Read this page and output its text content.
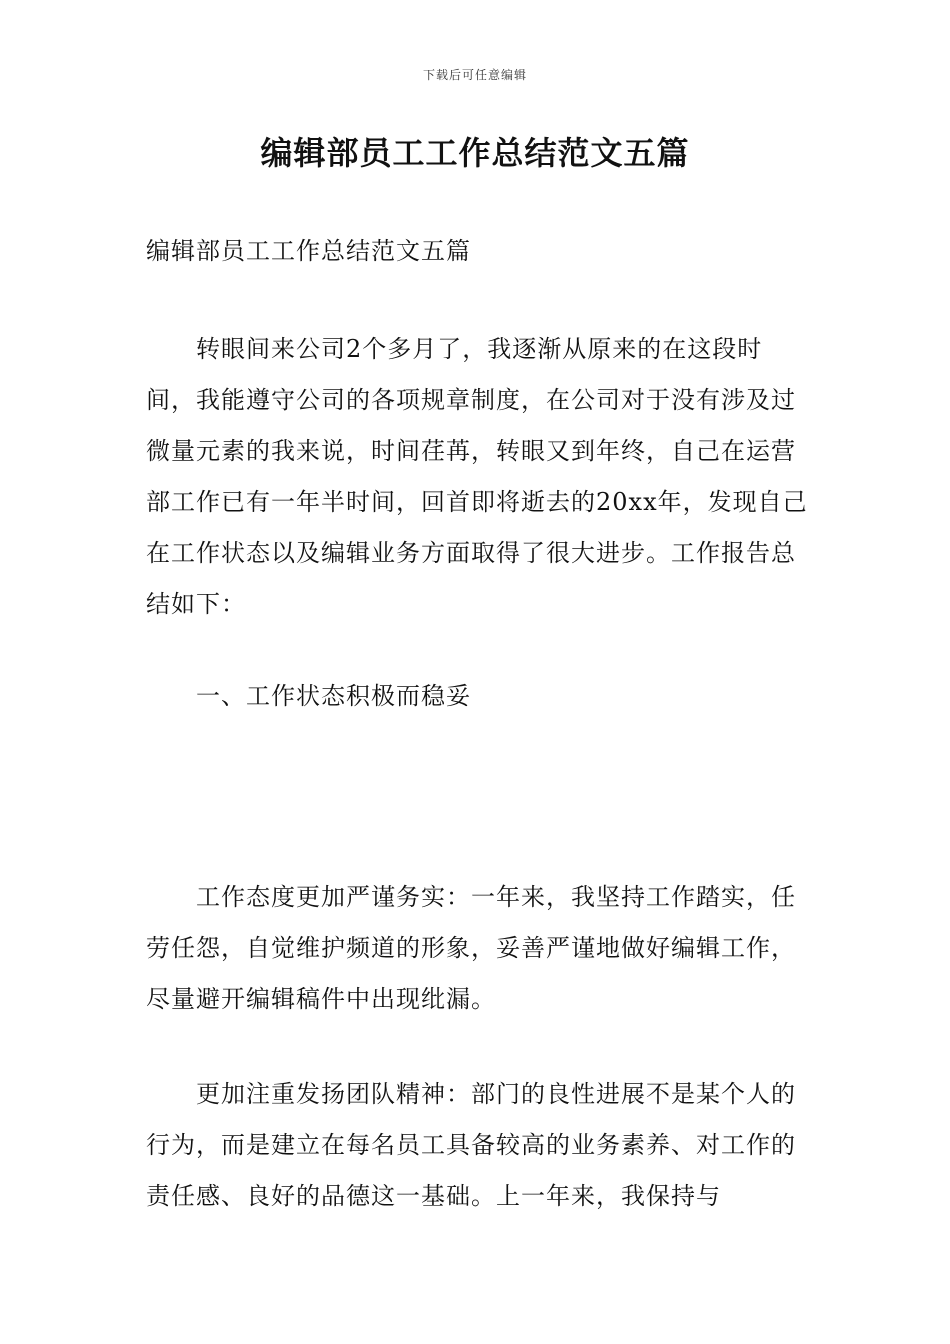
下载后可任意编辑
编辑部员工工作总结范文五篇

编辑部员工工作总结范文五篇

转眼间来公司2个多月了，我逐渐从原来的在这段时间，我能遵守公司的各项规章制度，在公司对于没有涉及过微量元素的我来说，时间荏苒，转眼又到年终，自己在运营部工作已有一年半时间，回首即将逝去的20xx年，发现自己在工作状态以及编辑业务方面取得了很大进步。工作报告总结如下：

一、工作状态积极而稳妥

工作态度更加严谨务实：一年来，我坚持工作踏实，任劳任怨，自觉维护频道的形象，妥善严谨地做好编辑工作，尽量避开编辑稿件中出现纰漏。

更加注重发扬团队精神：部门的良性进展不是某个人的行为，而是建立在每名员工具备较高的业务素养、对工作的责任感、良好的品德这一基础。上一年来，我保持与
